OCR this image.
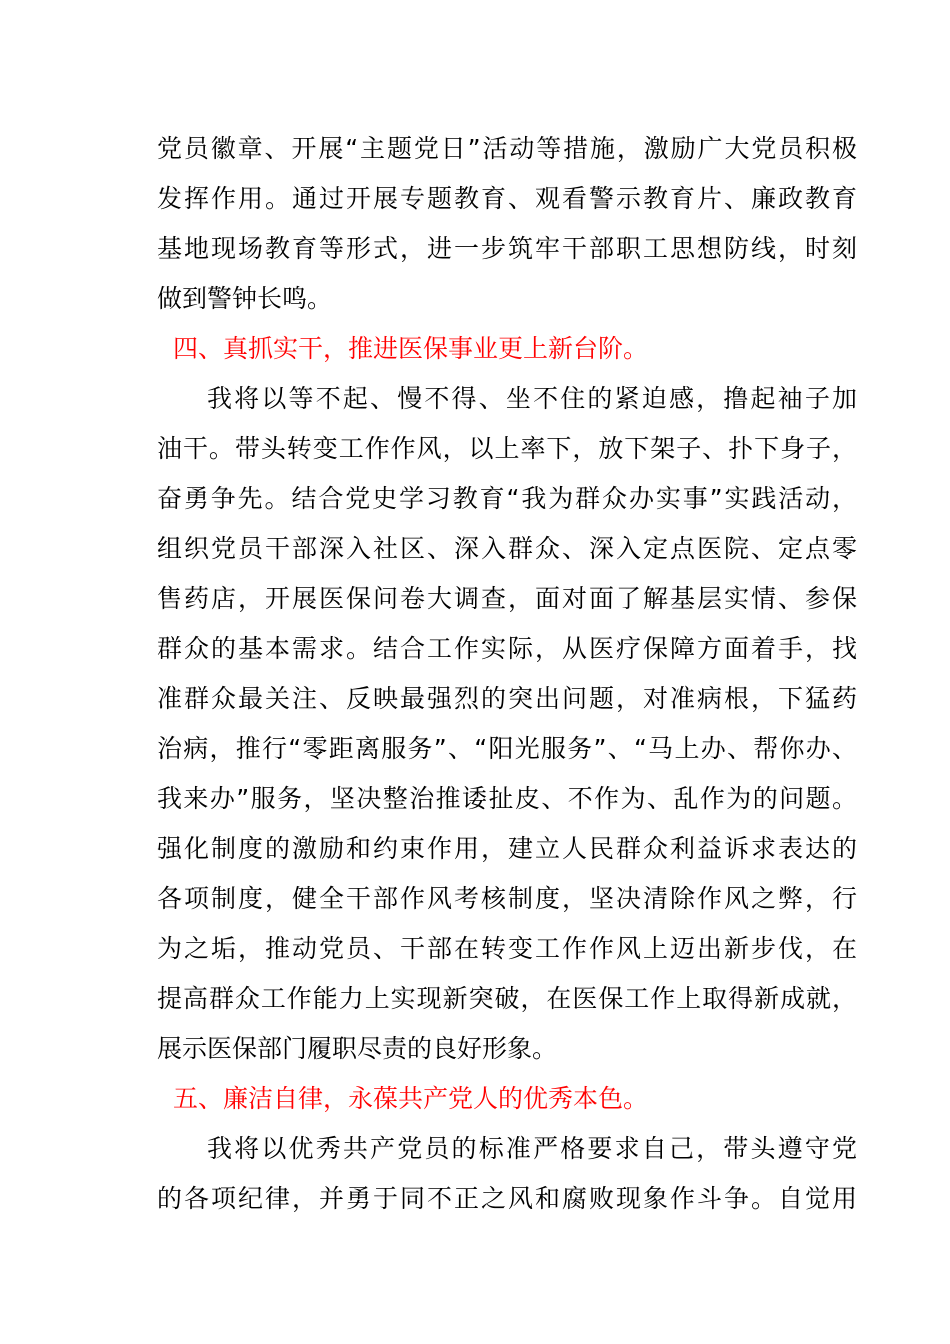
党员徽章、开展“主题党日”活动等措施，激励广大党员积极
发挥作用。通过开展专题教育、观看警示教育片、廉政教育
基地现场教育等形式，进一步筑牢干部职工思想防线，时刻
做到警钟长鸣。
四、真抓实干，推进医保事业更上新台阶。
我将以等不起、慢不得、坐不住的紧迫感，撸起袖子加
油干。带头转变工作作风，以上率下，放下架子、扑下身子，
奋勇争先。结合党史学习教育“我为群众办实事”实践活动，
组织党员干部深入社区、深入群众、深入定点医院、定点零
售药店，开展医保问卷大调查，面对面了解基层实情、参保
群众的基本需求。结合工作实际，从医疗保障方面着手，找
准群众最关注、反映最强烈的突出问题，对准病根，下猛药
治病，推行“零距离服务”、“阳光服务”、“马上办、帮你办、
我来办”服务，坚决整治推诿扯皮、不作为、乱作为的问题。
强化制度的激励和约束作用，建立人民群众利益诉求表达的
各项制度，健全干部作风考核制度，坚决清除作风之弊，行
为之垢，推动党员、干部在转变工作作风上迈出新步伐，在
提高群众工作能力上实现新突破，在医保工作上取得新成就，
展示医保部门履职尽责的良好形象。
五、廉洁自律，永葆共产党人的优秀本色。
我将以优秀共产党员的标准严格要求自己，带头遵守党
的各项纪律，并勇于同不正之风和腐败现象作斗争。自觉用
